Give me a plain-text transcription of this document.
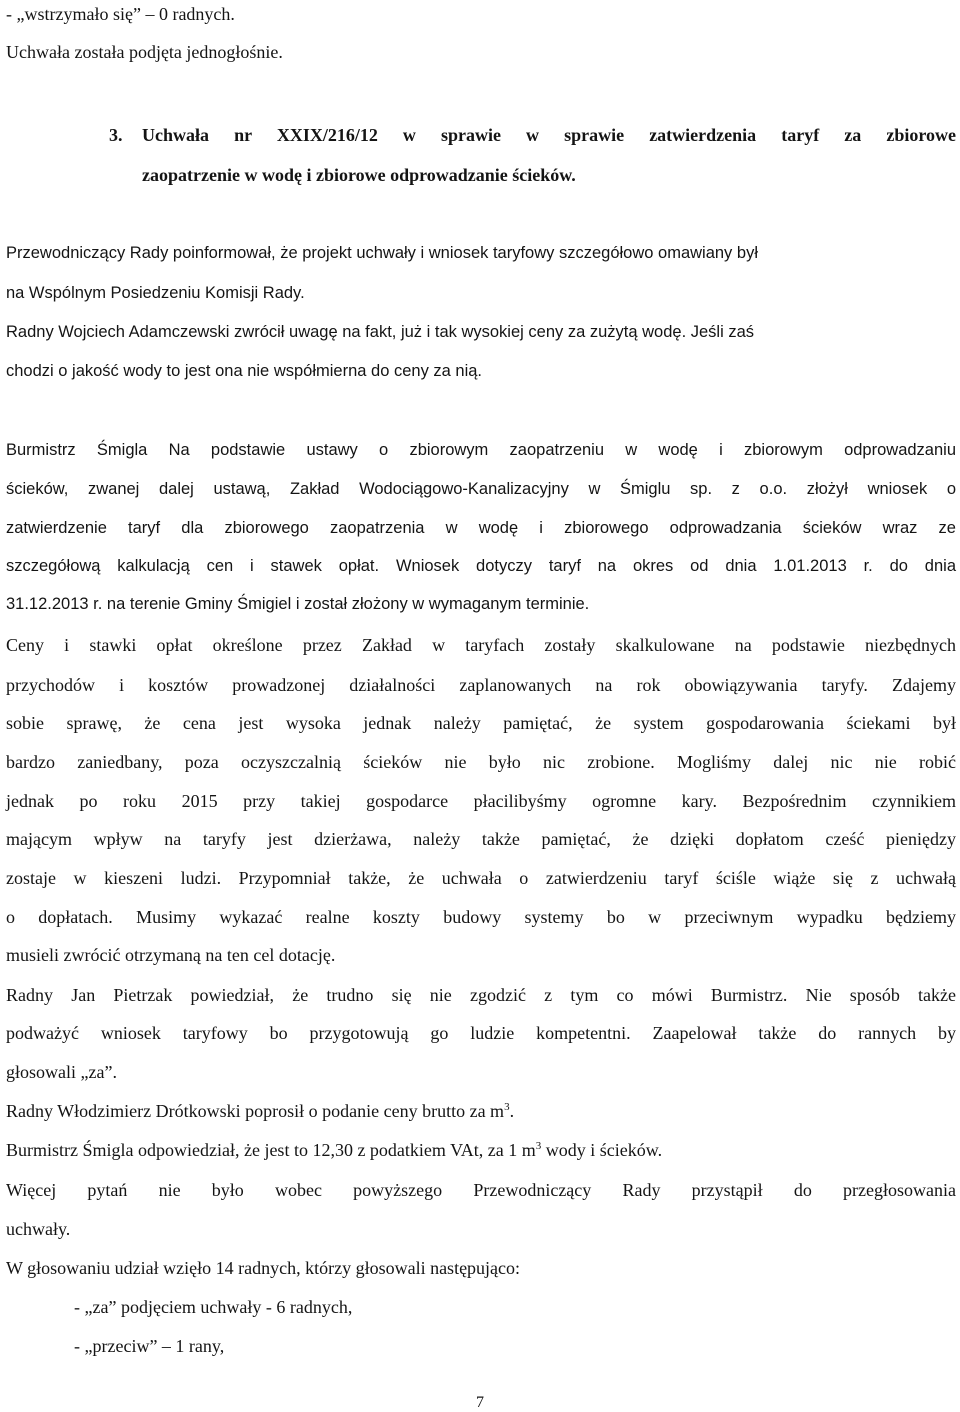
- „wstrzymało się” – 0 radnych.

Uchwała została podjęta jednogłośnie.

3. Uchwała nr XXIX/216/12 w sprawie w sprawie zatwierdzenia taryf za zbiorowe

zaopatrzenie w wodę i zbiorowe odprowadzanie ścieków.

Przewodniczący Rady poinformował, że projekt uchwały i wniosek taryfowy szczegółowo omawiany był

na Wspólnym Posiedzeniu Komisji Rady.

Radny Wojciech Adamczewski zwrócił uwagę na fakt, już i tak wysokiej ceny za zużytą wodę. Jeśli zaś

chodzi o jakość wody to jest ona nie współmierna do ceny za nią.

Burmistrz Śmigla Na podstawie ustawy o zbiorowym zaopatrzeniu w wodę i zbiorowym odprowadzaniu

ścieków, zwanej dalej ustawą, Zakład Wodociągowo-Kanalizacyjny w Śmiglu sp. z o.o. złożył wniosek o

zatwierdzenie taryf dla zbiorowego zaopatrzenia w wodę i zbiorowego odprowadzania ścieków wraz ze

szczegółową kalkulacją cen i stawek opłat. Wniosek dotyczy taryf na okres od dnia 1.01.2013 r. do dnia

31.12.2013 r. na terenie Gminy Śmigiel i został złożony w wymaganym terminie.

Ceny i stawki opłat określone przez Zakład w taryfach zostały skalkulowane na podstawie niezbędnych

przychodów i kosztów prowadzonej działalności zaplanowanych na rok obowiązywania taryfy. Zdajemy

sobie sprawę, że cena jest wysoka jednak należy pamiętać, że system gospodarowania ściekami był

bardzo zaniedbany, poza oczyszczalnią ścieków nie było nic zrobione. Mogliśmy dalej nic nie robić

jednak po roku 2015 przy takiej gospodarce płacilibyśmy ogromne kary. Bezpośrednim czynnikiem

mającym wpływ na taryfy jest dzierżawa, należy także pamiętać, że dzięki dopłatom cześć pieniędzy

zostaje w kieszeni ludzi. Przypomniał także, że uchwała o zatwierdzeniu taryf ściśle wiąże się z uchwałą

o dopłatach. Musimy wykazać realne koszty budowy systemy bo w przeciwnym wypadku będziemy

musieli zwrócić otrzymaną na ten cel dotację.

Radny Jan Pietrzak powiedział, że trudno się nie zgodzić z tym co mówi Burmistrz. Nie sposób także

podważyć wniosek taryfowy bo przygotowują go ludzie kompetentni. Zaapelował także do rannych by

głosowali „za”.

Radny Włodzimierz Drótkowski poprosił o podanie ceny brutto za $m^3$.

Burmistrz Śmigla odpowiedział, że jest to 12,30 z podatkiem VAt, za 1 $m^3$ wody i ścieków.

Więcej pytań nie było wobec powyższego Przewodniczący Rady przystąpił do przegłosowania

uchwały.

W głosowaniu udział wzięło 14 radnych, którzy głosowali następująco:

- „za” podjęciem uchwały - 6 radnych,

- „przeciw” – 1 rany,

7
